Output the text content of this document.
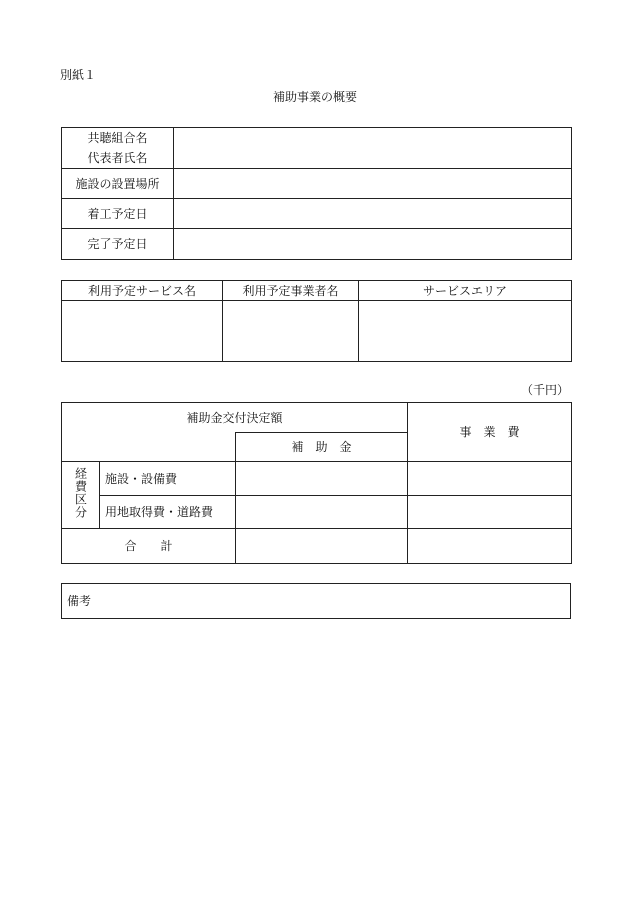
別紙１
補助事業の概要
共聴組合名
代表者氏名	

施設の設置場所	
着工予定日	
完了予定日	
利用予定サービス名	利用予定事業者名	サービスエリア

（千円）
補助金交付決定額			事　業　費
		補　助　金	
経費区分	施設・設備費		
	用地取得費・道路費		
合　　計			
備考
